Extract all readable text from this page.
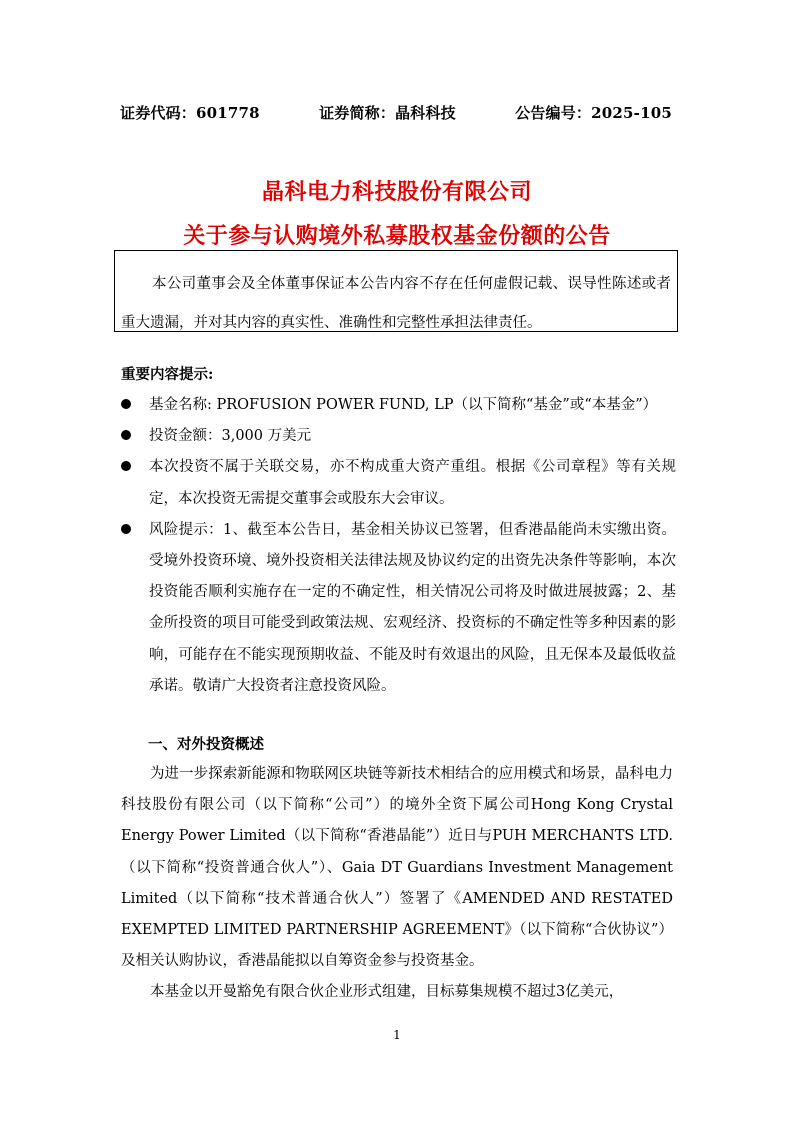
证券代码：601778	证券简称：晶科科技	公告编号：2025-105
晶科电力科技股份有限公司
关于参与认购境外私募股权基金份额的公告
本公司董事会及全体董事保证本公告内容不存在任何虚假记载、误导性陈述或者重大遗漏，并对其内容的真实性、准确性和完整性承担法律责任。
重要内容提示:
基金名称: PROFUSION POWER FUND, LP（以下简称“基金”或“本基金”）
投资金额：3,000 万美元
本次投资不属于关联交易，亦不构成重大资产重组。根据《公司章程》等有关规定，本次投资无需提交董事会或股东大会审议。
风险提示：1、截至本公告日，基金相关协议已签署，但香港晶能尚未实缴出资。受境外投资环境、境外投资相关法律法规及协议约定的出资先决条件等影响，本次投资能否顺利实施存在一定的不确定性，相关情况公司将及时做进展披露；2、基金所投资的项目可能受到政策法规、宏观经济、投资标的不确定性等多种因素的影响，可能存在不能实现预期收益、不能及时有效退出的风险，且无保本及最低收益承诺。敬请广大投资者注意投资风险。
一、对外投资概述
为进一步探索新能源和物联网区块链等新技术相结合的应用模式和场景，晶科电力科技股份有限公司（以下简称“公司”）的境外全资下属公司Hong Kong Crystal Energy Power Limited（以下简称“香港晶能”）近日与PUH MERCHANTS LTD.（以下简称“投资普通合伙人”）、Gaia DT Guardians Investment Management Limited（以下简称“技术普通合伙人”）签署了《AMENDED AND RESTATED EXEMPTED LIMITED PARTNERSHIP AGREEMENT》（以下简称“合伙协议”）及相关认购协议，香港晶能拟以自筹资金参与投资基金。
本基金以开曼豁免有限合伙企业形式组建，目标募集规模不超过3亿美元，
1
